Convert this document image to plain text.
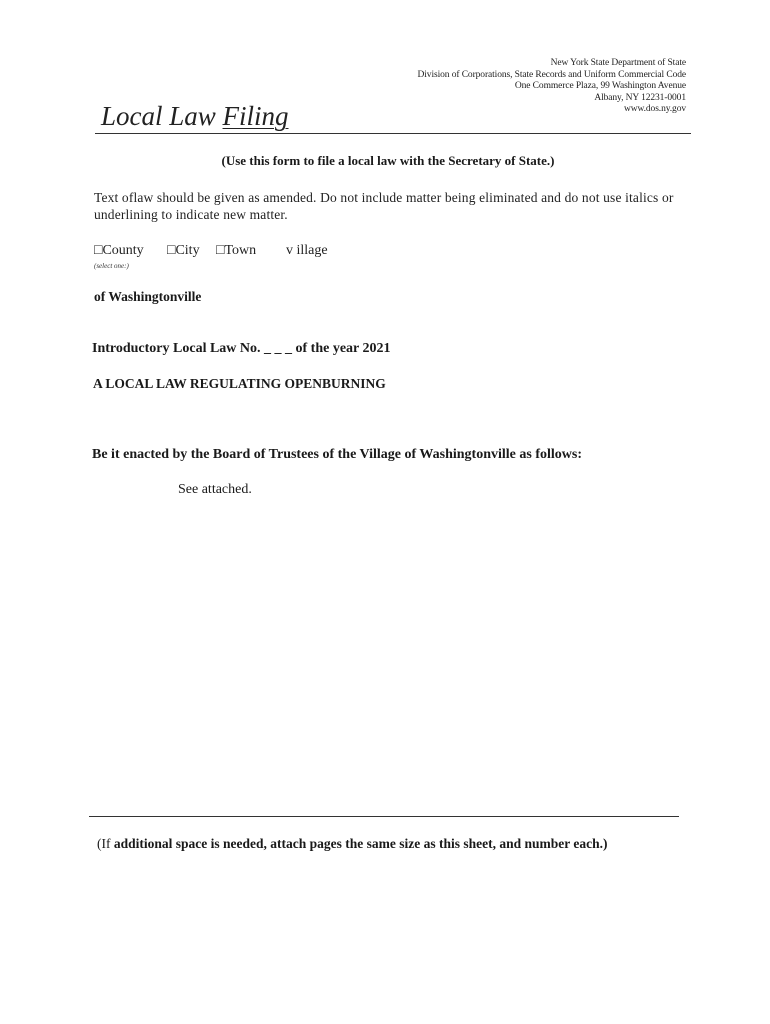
New York State Department of State
Division of Corporations, State Records and Uniform Commercial Code
One Commerce Plaza, 99 Washington Avenue
Albany, NY 12231-0001
www.dos.ny.gov
Local Law Filing
(Use this form to file a local law with the Secretary of State.)
Text oflaw should be given as amended. Do not include matter being eliminated and do not use italics or underlining to indicate new matter.
□County □City □Town v illage
(select one:)
of Washingtonville
Introductory Local Law No. _ _ _ of the year 2021
A LOCAL LAW REGULATING OPENBURNING
Be it enacted by the Board of Trustees of the Village of Washingtonville as follows:
See attached.
(If additional space is needed, attach pages the same size as this sheet, and number each.)
